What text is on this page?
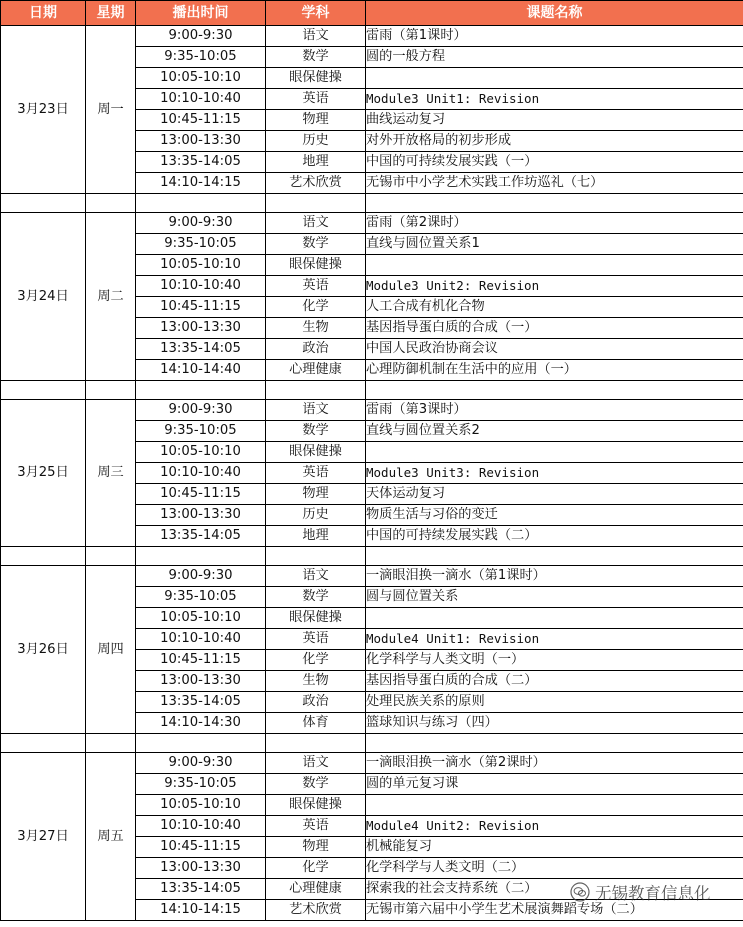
日期	星期	播出时间	学科	课题名称
3月23日	周一	9:00-9:30	语文	雷雨（第1课时）
		9:35-10:05	数学	圆的一般方程
		10:05-10:10	眼保健操	
		10:10-10:40	英语	Module3 Unit1: Revision
		10:45-11:15	物理	曲线运动复习
		13:00-13:30	历史	对外开放格局的初步形成
		13:35-14:05	地理	中国的可持续发展实践（一）
		14:10-14:15	艺术欣赏	无锡市中小学艺术实践工作坊巡礼（七）

3月24日	周二	9:00-9:30	语文	雷雨（第2课时）
		9:35-10:05	数学	直线与圆位置关系1
		10:05-10:10	眼保健操	
		10:10-10:40	英语	Module3 Unit2: Revision
		10:45-11:15	化学	人工合成有机化合物
		13:00-13:30	生物	基因指导蛋白质的合成（一）
		13:35-14:05	政治	中国人民政治协商会议
		14:10-14:40	心理健康	心理防御机制在生活中的应用（一）

3月25日	周三	9:00-9:30	语文	雷雨（第3课时）
		9:35-10:05	数学	直线与圆位置关系2
		10:05-10:10	眼保健操	
		10:10-10:40	英语	Module3 Unit3: Revision
		10:45-11:15	物理	天体运动复习
		13:00-13:30	历史	物质生活与习俗的变迁
		13:35-14:05	地理	中国的可持续发展实践（二）

3月26日	周四	9:00-9:30	语文	一滴眼泪换一滴水（第1课时）
		9:35-10:05	数学	圆与圆位置关系
		10:05-10:10	眼保健操	
		10:10-10:40	英语	Module4 Unit1: Revision
		10:45-11:15	化学	化学科学与人类文明（一）
		13:00-13:30	生物	基因指导蛋白质的合成（二）
		13:35-14:05	政治	处理民族关系的原则
		14:10-14:30	体育	篮球知识与练习（四）

3月27日	周五	9:00-9:30	语文	一滴眼泪换一滴水（第2课时）
		9:35-10:05	数学	圆的单元复习课
		10:05-10:10	眼保健操	
		10:10-10:40	英语	Module4 Unit2: Revision
		10:45-11:15	物理	机械能复习
		13:00-13:30	化学	化学科学与人类文明（二）
		13:35-14:05	心理健康	探索我的社会支持系统（二）
		14:10-14:15	艺术欣赏	无锡市第六届中小学生艺术展演舞蹈专场（二）
无锡教育信息化
